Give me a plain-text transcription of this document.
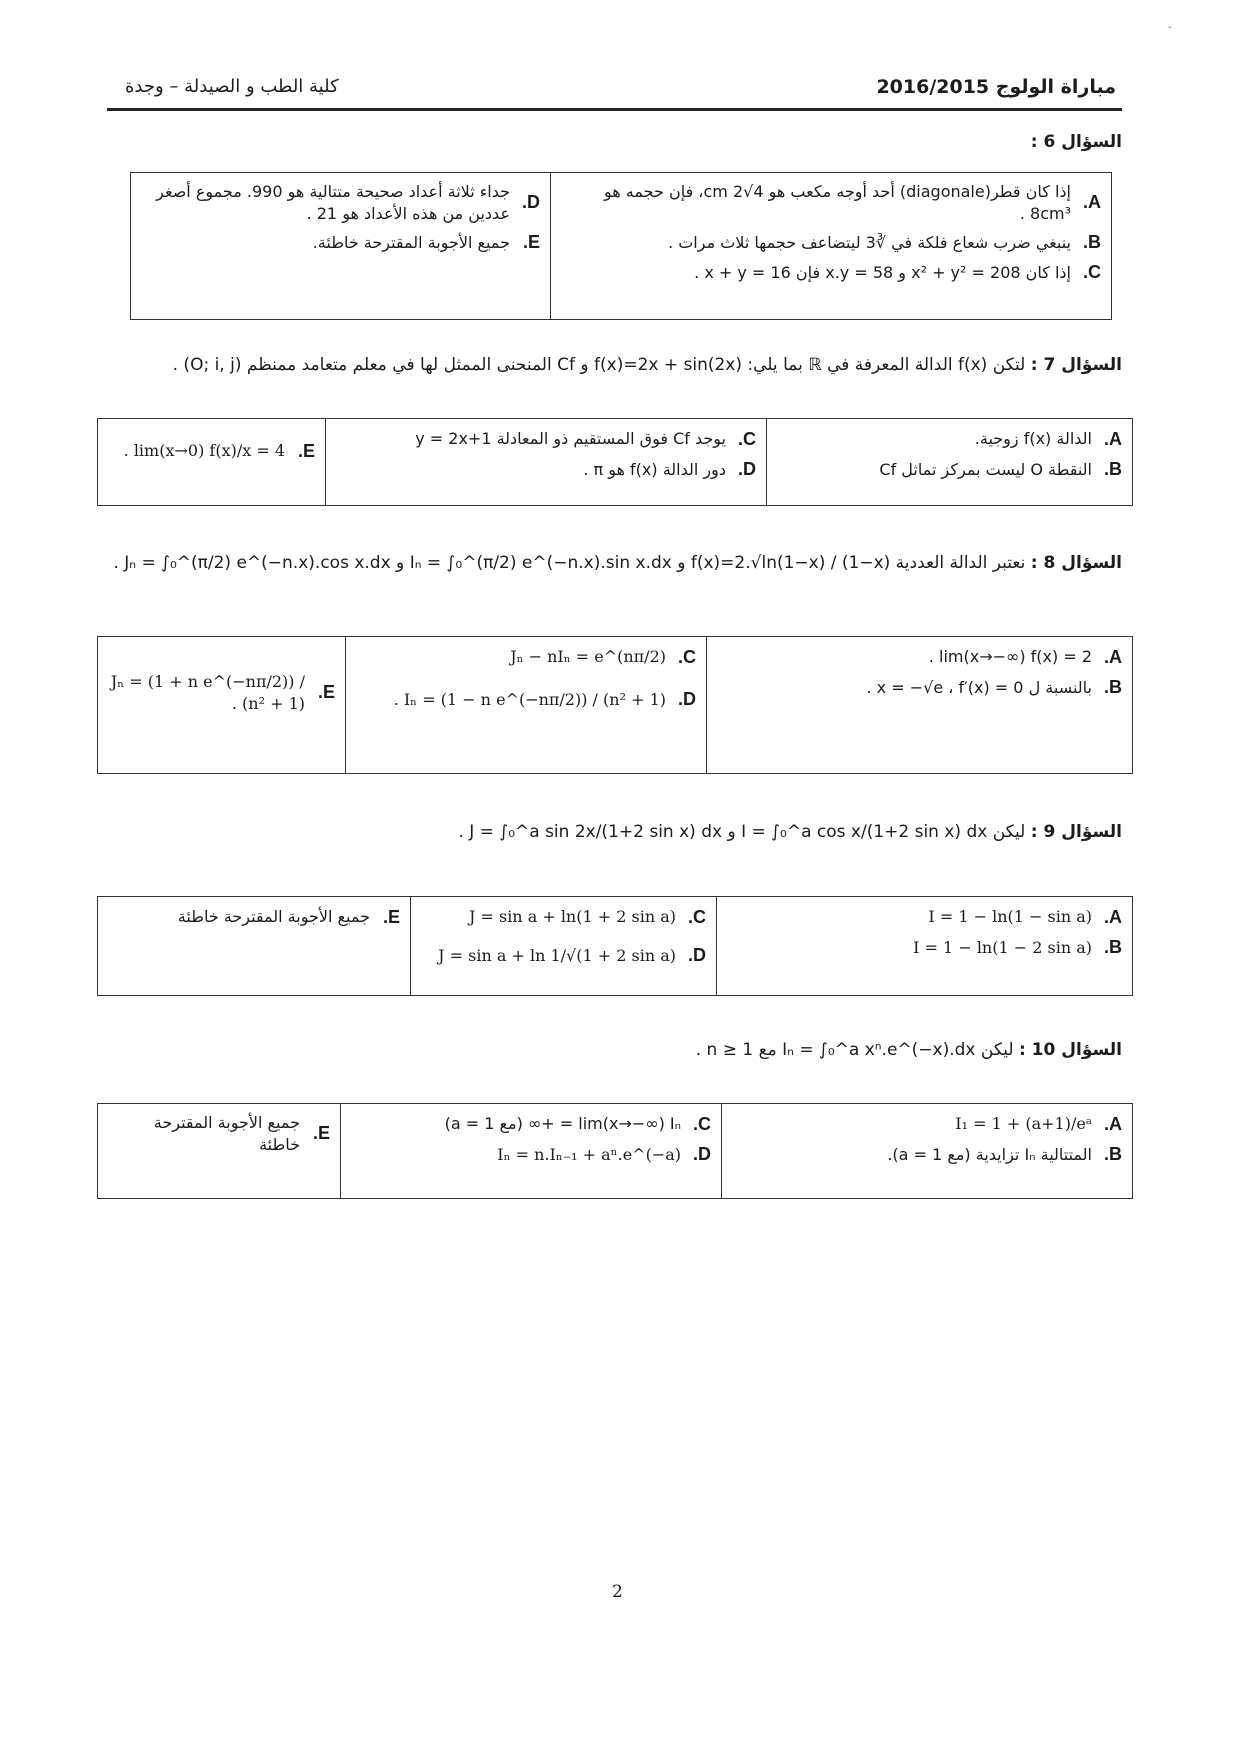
-
مباراة الولوج 2016/2015
كلية الطب و الصيدلة – وجدة
السؤال 6 :
A.
إذا كان قطر(diagonale) أحد أوجه مكعب هو 4√2 cm، فإن حجمه هو 8cm³ .
B.
ينبغي ضرب شعاع فلكة في ∛3 ليتضاعف حجمها ثلاث مرات .
C.
إذا كان x² + y² = 208 و x.y = 58 فإن x + y = 16 .

D.
جداء ثلاثة أعداد صحيحة متتالية هو 990. مجموع أصغر عددين من هذه الأعداد هو 21 .
E.
جميع الأجوبة المقترحة خاطئة.
السؤال 7 : لتكن f(x) الدالة المعرفة في ℝ بما يلي: f(x)=2x + sin(2x) و Cf المنحنى الممثل لها في معلم متعامد ممنظم (O; i, j) .
A.
الدالة f(x) زوجية.
B.
النقطة O ليست بمركز تماثل Cf

C.
يوجد Cf فوق المستقيم ذو المعادلة y = 2x+1
D.
دور الدالة f(x) هو π .

E.
lim(x→0) f(x)/x = 4 .
السؤال 8 : نعتبر الدالة العددية f(x)=2.√ln(1−x) / (1−x) و Iₙ = ∫₀^(π/2) e^(−n.x).sin x.dx و Jₙ = ∫₀^(π/2) e^(−n.x).cos x.dx .
A.
lim(x→−∞) f(x) = 2 .
B.
بالنسبة ل x = −√e ، f′(x) = 0 .

C.
Jₙ − nIₙ = e^(nπ/2)
D.
Iₙ = (1 − n e^(−nπ/2)) / (n² + 1) .

E.
Jₙ = (1 + n e^(−nπ/2)) / (n² + 1) .
السؤال 9 : ليكن I = ∫₀^a cos x/(1+2 sin x) dx و J = ∫₀^a sin 2x/(1+2 sin x) dx .
A.
I = 1 − ln(1 − sin a)
B.
I = 1 − ln(1 − 2 sin a)

C.
J = sin a + ln(1 + 2 sin a)
D.
J = sin a + ln 1/√(1 + 2 sin a)

E.
جميع الأجوبة المقترحة خاطئة
السؤال 10 : ليكن Iₙ = ∫₀^a xⁿ.e^(−x).dx مع n ≥ 1 .
A.
I₁ = 1 + (a+1)/eᵃ
B.
المتتالية Iₙ تزايدية (مع a = 1).

C.
lim(x→−∞) Iₙ = +∞ (مع a = 1)
D.
Iₙ = n.Iₙ₋₁ + aⁿ.e^(−a)

E.
جميع الأجوبة المقترحة خاطئة
2
